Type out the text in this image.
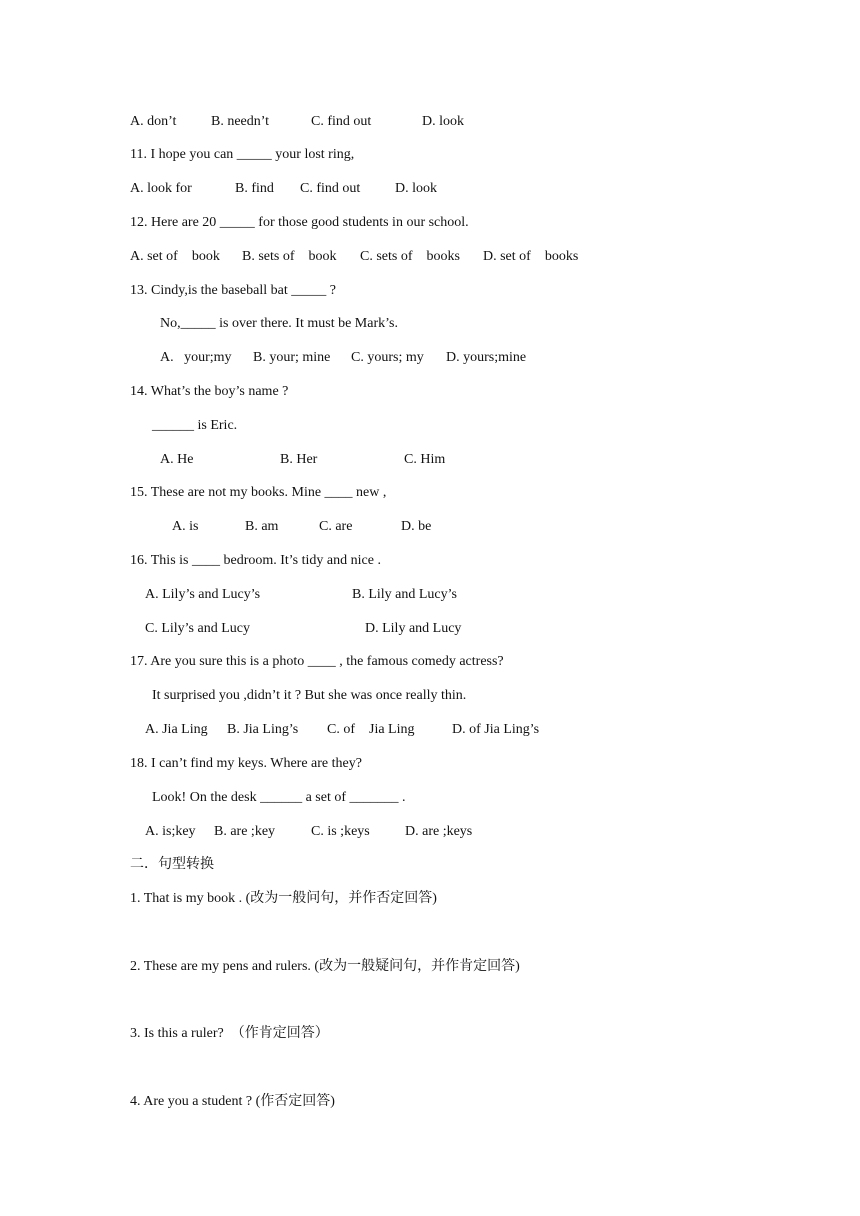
A. don’t B. needn’t	C. find out	D. look
11. I hope you can _____ your lost ring,
A. look for	B. find C. find out D. look
12. Here are 20 _____ for those good students in our school.
A. set of    book B. sets of    book C. sets of    books D. set of    books
13. Cindy,is the baseball bat _____ ?
No,_____ is over there. It must be Mark’s.
A.   your;my B. your; mine C. yours; my D. yours;mine
14. What’s the boy’s name ?
______ is Eric.
A. He	B. Her	C. Him
15. These are not my books. Mine ____ new ,
A. is	B. am	C. are	D. be
16. This is ____ bedroom. It’s tidy and nice .
A. Lily’s and Lucy’s	B. Lily and Lucy’s
C. Lily’s and Lucy	D. Lily and Lucy
17. Are you sure this is a photo ____ , the famous comedy actress?
It surprised you ,didn’t it ? But she was once really thin.
A. Jia Ling B. Jia Ling’s C. of    Jia Ling	D. of Jia Ling’s
18. I can’t find my keys. Where are they?
Look! On the desk ______ a set of _______ .
A. is;key B. are ;key	C. is ;keys	D. are ;keys
二．句型转换
1. That is my book . (改为一般问句，并作否定回答)
2. These are my pens and rulers. (改为一般疑问句，并作肯定回答)
3. Is this a ruler?  （作肯定回答）
4. Are you a student ? (作否定回答)
